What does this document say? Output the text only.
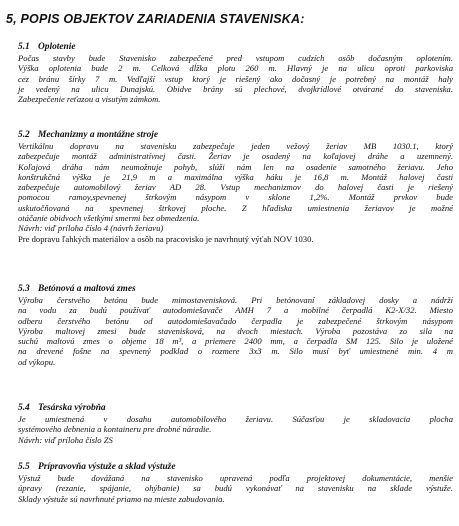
5, POPIS OBJEKTOV ZARIADENIA STAVENISKA:

5.1 Oplotenie

Počas stavby bude Stavenisko zabezpečené pred vstupom cudzích osôb dočasným oplotením.

Výška oplotenia bude 2 m. Celková dĺžka plotu 260 m. Hlavný je na ulicu oproti parkoviska

cez bránu šírky 7 m. Vedľajší vstup ktorý je riešený ako dočasný je potrebný na montáž haly

je vedený na ulicu Dunajskú. Obidve brány sú plechové, dvojkrídlové otvárané do staveniska.

Zabezpečenie reťazou a visutým zámkom.

5.2 Mechanizmy a montážne stroje

Vertikálnu dopravu na stavenisku zabezpečuje jeden vežový žeriav MB 1030.1, ktorý

zabezpečuje montáž administratívnej časti. Žeriav je osadený na koľajovej dráhe a uzemnený.

Koľajová dráha nám neumožnuje pohyb, slúži nám len na osadenie samotného žeriavu. Jeho

konštrukčná výška je 21,9 m a maximálna výška háku je 16,8 m. Montáž halovej časti

zabezpečuje automobilový žeriav AD 28. Vstup mechanizmov do halovej časti je riešený

pomocou ramoy,spevnenej štrkovým násypom v sklone 1,2%. Montáž prvkov bude

uskutočňovaná na spevnenej štrkovej ploche. Z hľadiska umiestnenia žeriavov je možné

otáčanie obidvoch všetkými smermi bez obmedzenia.

Návrh: viď príloha číslo 4 (návrh žeriavu)

Pre dopravu ľahkých materiálov a osôb na pracovisko je navrhnutý výťah NOV 1030.

5.3 Betónová a maltová zmes

Výroba čerstvého betónu bude mimostavenisková. Pri betónovaní základovej dosky a nádrží

na vodu za budú používať autodomiešavače AMH 7 a mobilné čerpadlá K2-X/32. Miesto

odberu čerstvého betónu od autodomiešavačado čerpadla je zabezpečené štrkovým násypom

Výroba maltovej zmesi bude stavenisková, na dvoch miestach. Výroba pozostáva zo sila na

suchú maltovú zmes o objeme 18 m³, a priemere 2400 mm, a čerpadla SM 125. Silo je uložené

na drevené fošne na spevnený podklad o rozmere 3x3 m. Silo musí byť umiestnené min. 4 m

od výkopu.

5.4 Tesárska výrobňa

Je umiestnená v dosahu automobilového žeriavu. Súčasťou je skladovacia plocha

systémového debnenia a kontaineru pre drobné náradie.

Návrh: viď príloha číslo ZS

5.5 Prípravovňa výstuže a sklad výstuže

Výstuž bude dovážaná na stavenisko upravená podľa projektovej dokumentácie, menšie

úpravy (rezanie, spájanie, ohýbanie) sa budú vykonávať na stavenisku na sklade výstuže.

Sklady výstuže sú navrhnuté priamo na mieste zabudovania.
